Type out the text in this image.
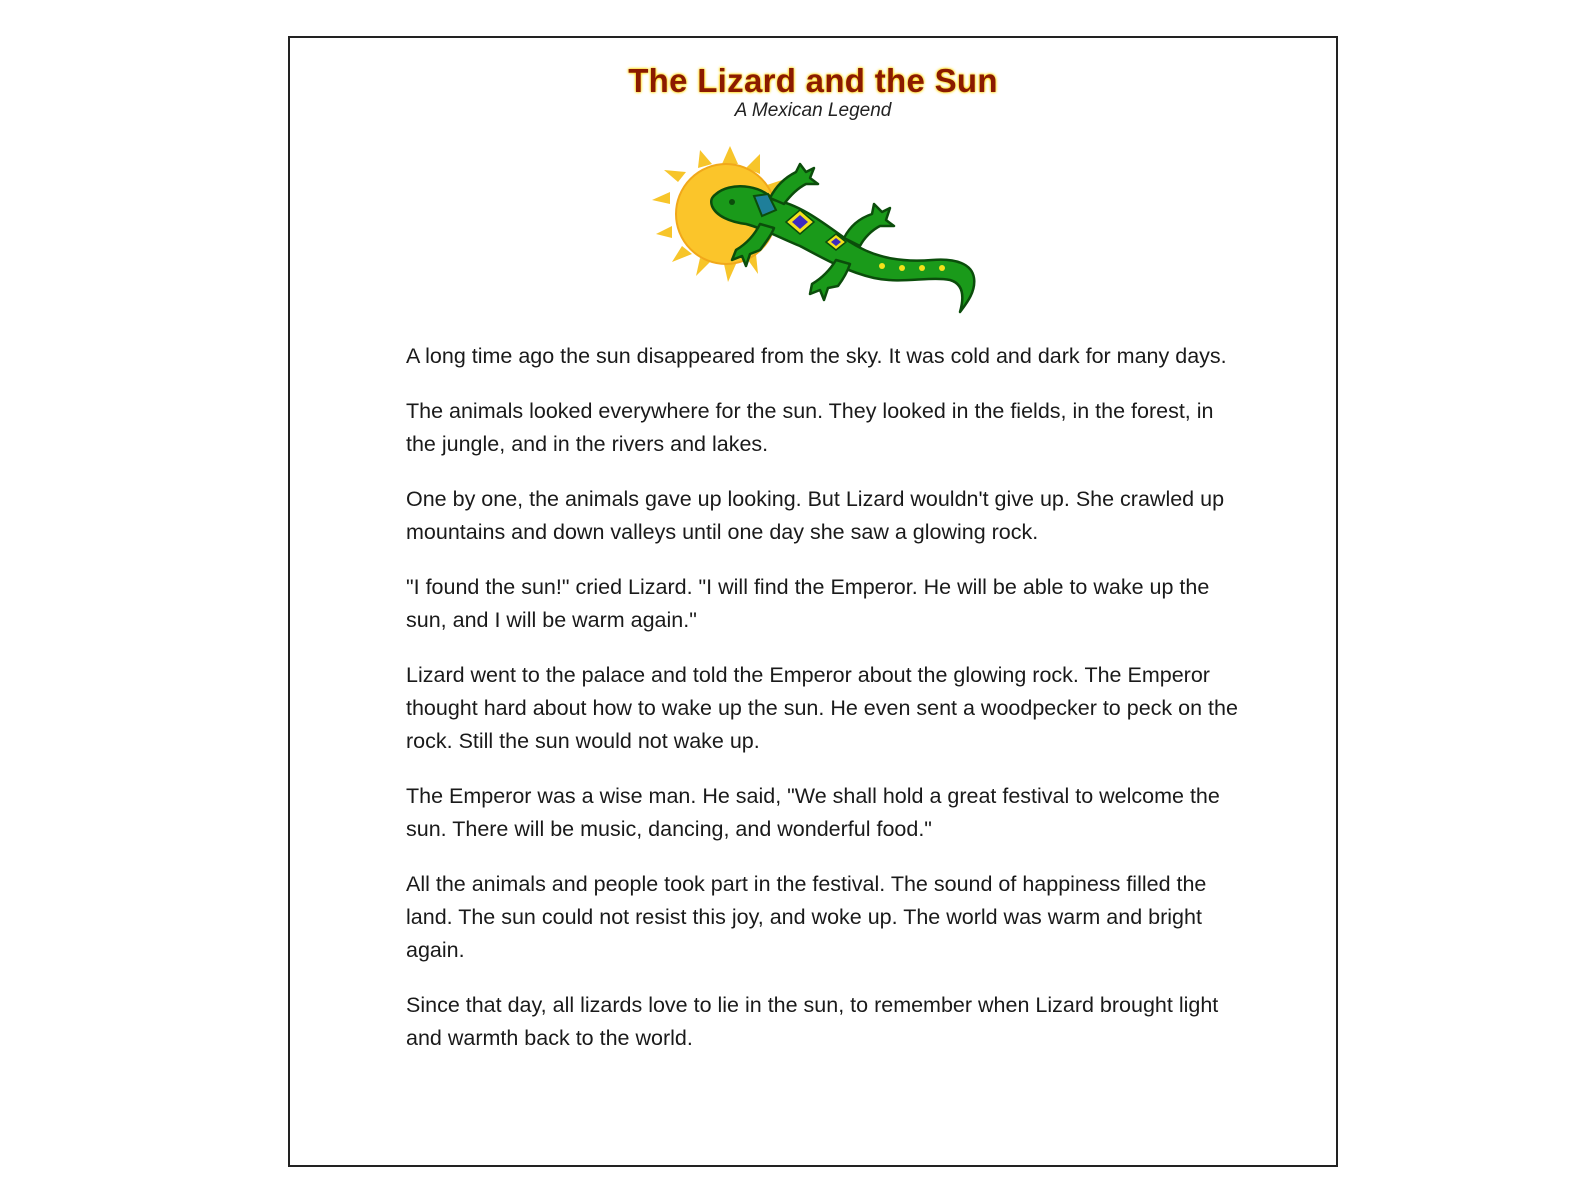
The Lizard and the Sun
A Mexican Legend

A long time ago the sun disappeared from the sky. It was cold and dark for many days.

The animals looked everywhere for the sun. They looked in the fields, in the forest, in the jungle, and in the rivers and lakes.

One by one, the animals gave up looking. But Lizard wouldn't give up. She crawled up mountains and down valleys until one day she saw a glowing rock.

"I found the sun!" cried Lizard. "I will find the Emperor. He will be able to wake up the sun, and I will be warm again."

Lizard went to the palace and told the Emperor about the glowing rock. The Emperor thought hard about how to wake up the sun. He even sent a woodpecker to peck on the rock. Still the sun would not wake up.

The Emperor was a wise man. He said, "We shall hold a great festival to welcome the sun. There will be music, dancing, and wonderful food."

All the animals and people took part in the festival. The sound of happiness filled the land. The sun could not resist this joy, and woke up. The world was warm and bright again.

Since that day, all lizards love to lie in the sun, to remember when Lizard brought light and warmth back to the world.
